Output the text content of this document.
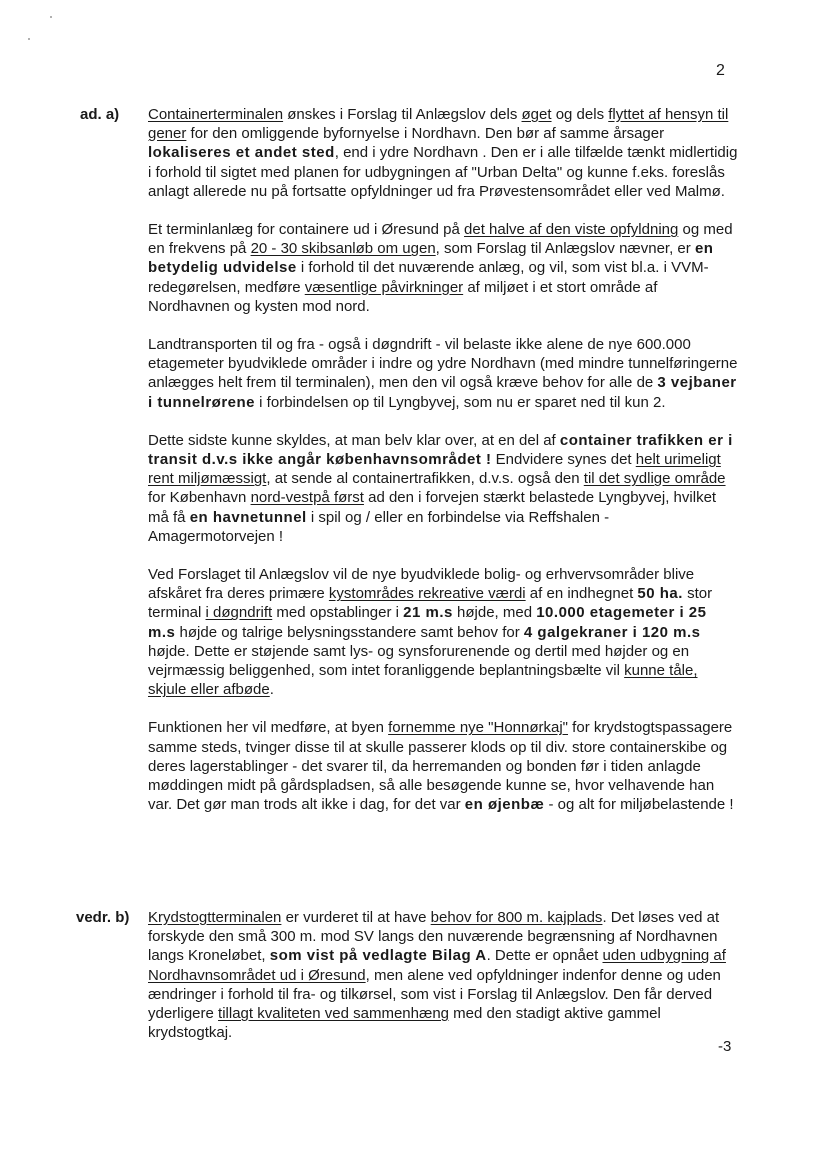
2
ad. a) Containerterminalen ønskes i Forslag til Anlægslov dels øget og dels flyttet af hensyn til gener for den omliggende byfornyelse i Nordhavn. Den bør af samme årsager lokaliseres et andet sted, end i ydre Nordhavn . Den er i alle tilfælde tænkt midlertidig i forhold til sigtet med planen for udbygningen af "Urban Delta" og kunne f.eks. foreslås anlagt allerede nu på fortsatte opfyldninger ud fra Prøvestensområdet eller ved Malmø.

Et terminlanlæg for containere ud i Øresund på det halve af den viste opfyldning og med en frekvens på 20 - 30 skibsanløb om ugen, som Forslag til Anlægslov nævner, er en betydelig udvidelse i forhold til det nuværende anlæg, og vil, som vist bl.a. i VVM-redegørelsen, medføre væsentlige påvirkninger af miljøet i et stort område af Nordhavnen og kysten mod nord.

Landtransporten til og fra - også i døgndrift - vil belaste ikke alene de nye 600.000 etagemeter byudviklede områder i indre og ydre Nordhavn (med mindre tunnelføringerne anlægges helt frem til terminalen), men den vil også kræve behov for alle de 3 vejbaner i tunnelrørene i forbindelsen op til Lyngbyvej, som nu er sparet ned til kun 2.

Dette sidste kunne skyldes, at man belv klar over, at en del af container trafikken er i transit d.v.s ikke angår københavnsområdet ! Endvidere synes det helt urimeligt rent miljømæssigt, at sende al containertrafikken, d.v.s. også den til det sydlige område for København nord-vestpå først ad den i forvejen stærkt belastede Lyngbyvej, hvilket må få en havnetunnel i spil og / eller en forbindelse via Reffshalen - Amagermotorvejen !

Ved Forslaget til Anlægslov vil de nye byudviklede bolig- og erhvervsområder blive afskåret fra deres primære kystområdes rekreative værdi af en indhegnet 50 ha. stor terminal i døgndrift med opstablinger i 21 m.s højde, med 10.000 etagemeter i 25 m.s højde og talrige belysningsstandere samt behov for 4 galgekraner i 120 m.s højde. Dette er støjende samt lys- og synsforurenende og dertil med højder og en vejrmæssig beliggenhed, som intet foranliggende beplantningsbælte vil kunne tåle, skjule eller afbøde.

Funktionen her vil medføre, at byen fornemme nye "Honnørkaj" for krydstogtspassagere samme steds, tvinger disse til at skulle passerer klods op til div. store containerskibe og deres lagerstablinger - det svarer til, da herremanden og bonden før i tiden anlagde møddingen midt på gårdspladsen, så alle besøgende kunne se, hvor velhavende han var. Det gør man trods alt ikke i dag, for det var en øjenbæ - og alt for miljøbelastende !

vedr. b) Krydstogtterminalen er vurderet til at have behov for 800 m. kajplads. Det løses ved at forskyde den små 300 m. mod SV langs den nuværende begrænsning af Nordhavnen langs Kroneløbet, som vist på vedlagte Bilag A. Dette er opnået uden udbygning af Nordhavnsområdet ud i Øresund, men alene ved opfyldninger indenfor denne og uden ændringer i forhold til fra- og tilkørsel, som vist i Forslag til Anlægslov. Den får derved yderligere tillagt kvaliteten ved sammenhæng med den stadigt aktive gammel krydstogtkaj.

-3
